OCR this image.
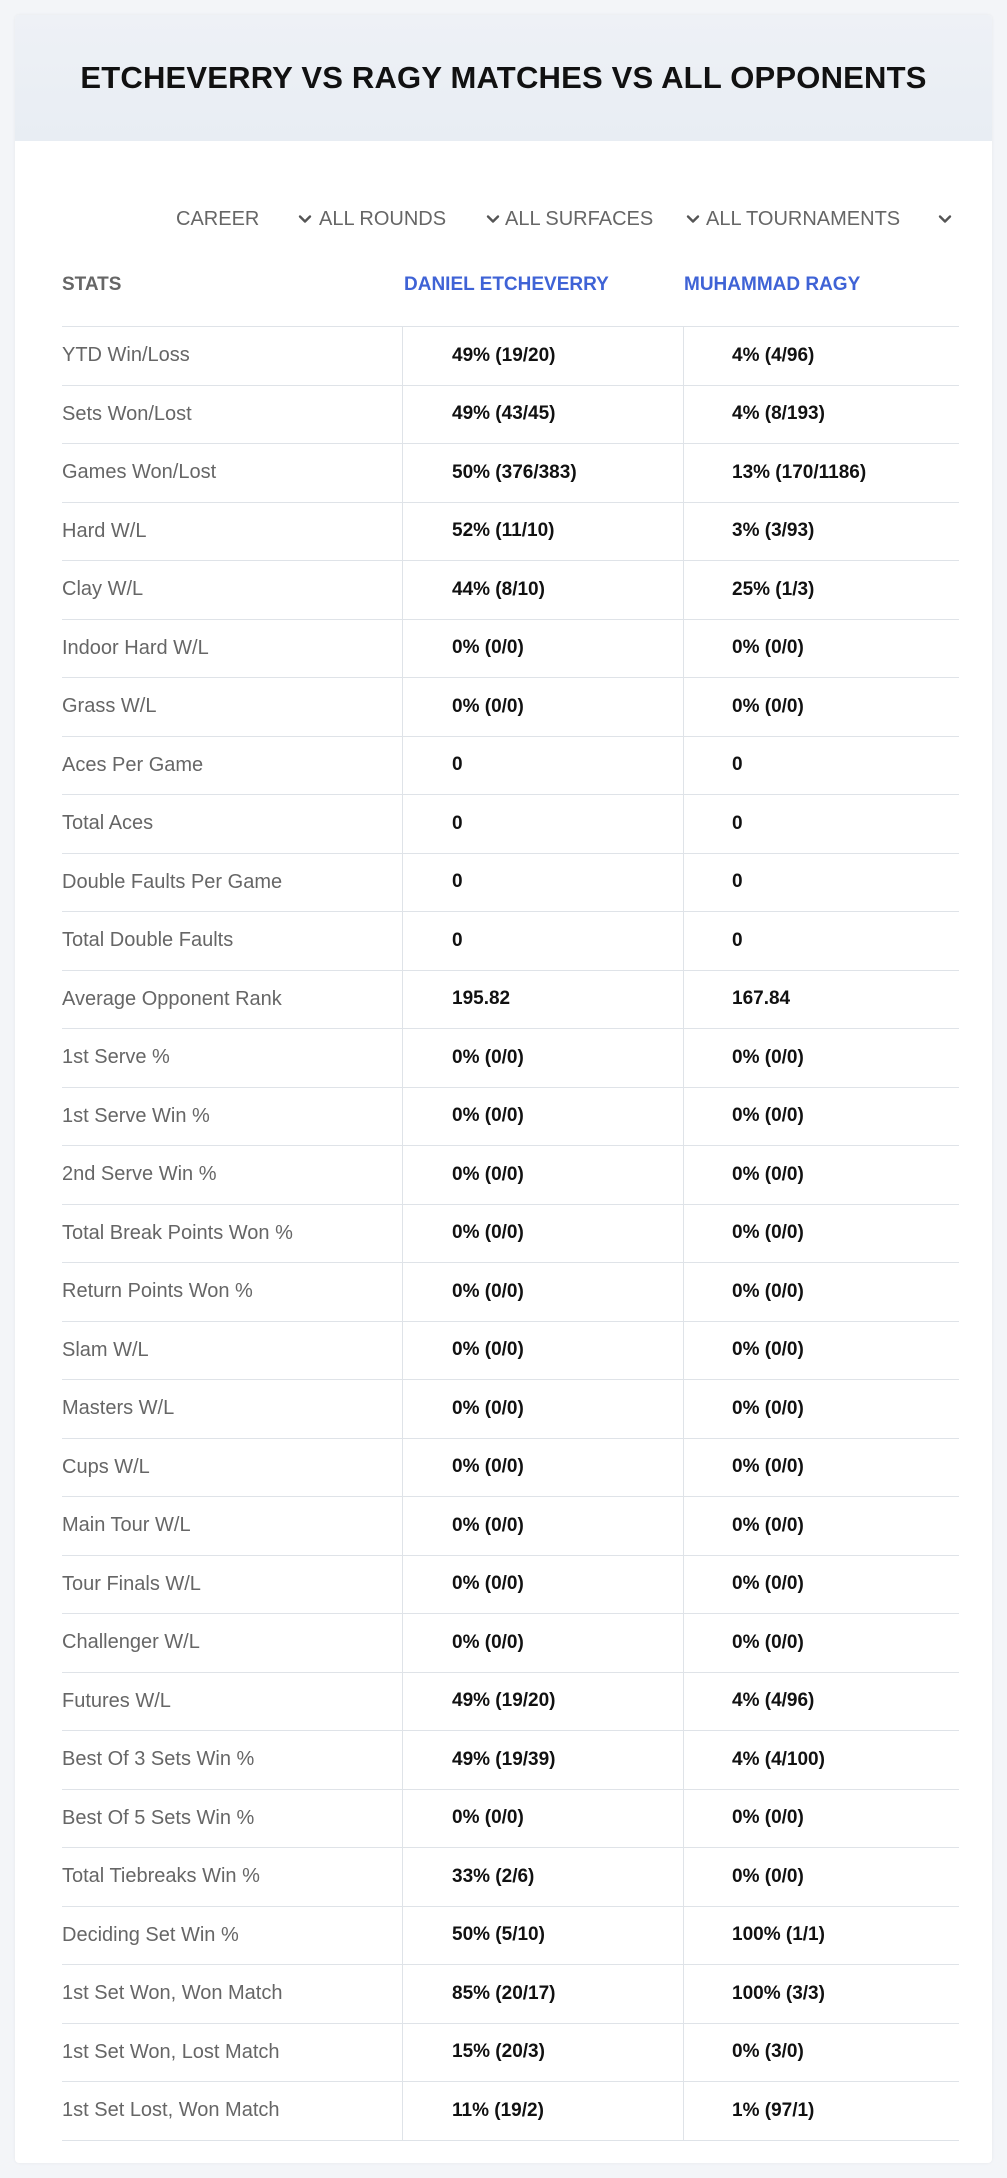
ETCHEVERRY VS RAGY MATCHES VS ALL OPPONENTS
CAREER	ALL ROUNDS	ALL SURFACES	ALL TOURNAMENTS
STATS	DANIEL ETCHEVERRY	MUHAMMAD RAGY
YTD Win/Loss	49% (19/20)	4% (4/96)
Sets Won/Lost	49% (43/45)	4% (8/193)
Games Won/Lost	50% (376/383)	13% (170/1186)
Hard W/L	52% (11/10)	3% (3/93)
Clay W/L	44% (8/10)	25% (1/3)
Indoor Hard W/L	0% (0/0)	0% (0/0)
Grass W/L	0% (0/0)	0% (0/0)
Aces Per Game	0	0
Total Aces	0	0
Double Faults Per Game	0	0
Total Double Faults	0	0
Average Opponent Rank	195.82	167.84
1st Serve %	0% (0/0)	0% (0/0)
1st Serve Win %	0% (0/0)	0% (0/0)
2nd Serve Win %	0% (0/0)	0% (0/0)
Total Break Points Won %	0% (0/0)	0% (0/0)
Return Points Won %	0% (0/0)	0% (0/0)
Slam W/L	0% (0/0)	0% (0/0)
Masters W/L	0% (0/0)	0% (0/0)
Cups W/L	0% (0/0)	0% (0/0)
Main Tour W/L	0% (0/0)	0% (0/0)
Tour Finals W/L	0% (0/0)	0% (0/0)
Challenger W/L	0% (0/0)	0% (0/0)
Futures W/L	49% (19/20)	4% (4/96)
Best Of 3 Sets Win %	49% (19/39)	4% (4/100)
Best Of 5 Sets Win %	0% (0/0)	0% (0/0)
Total Tiebreaks Win %	33% (2/6)	0% (0/0)
Deciding Set Win %	50% (5/10)	100% (1/1)
1st Set Won, Won Match	85% (20/17)	100% (3/3)
1st Set Won, Lost Match	15% (20/3)	0% (3/0)
1st Set Lost, Won Match	11% (19/2)	1% (97/1)
